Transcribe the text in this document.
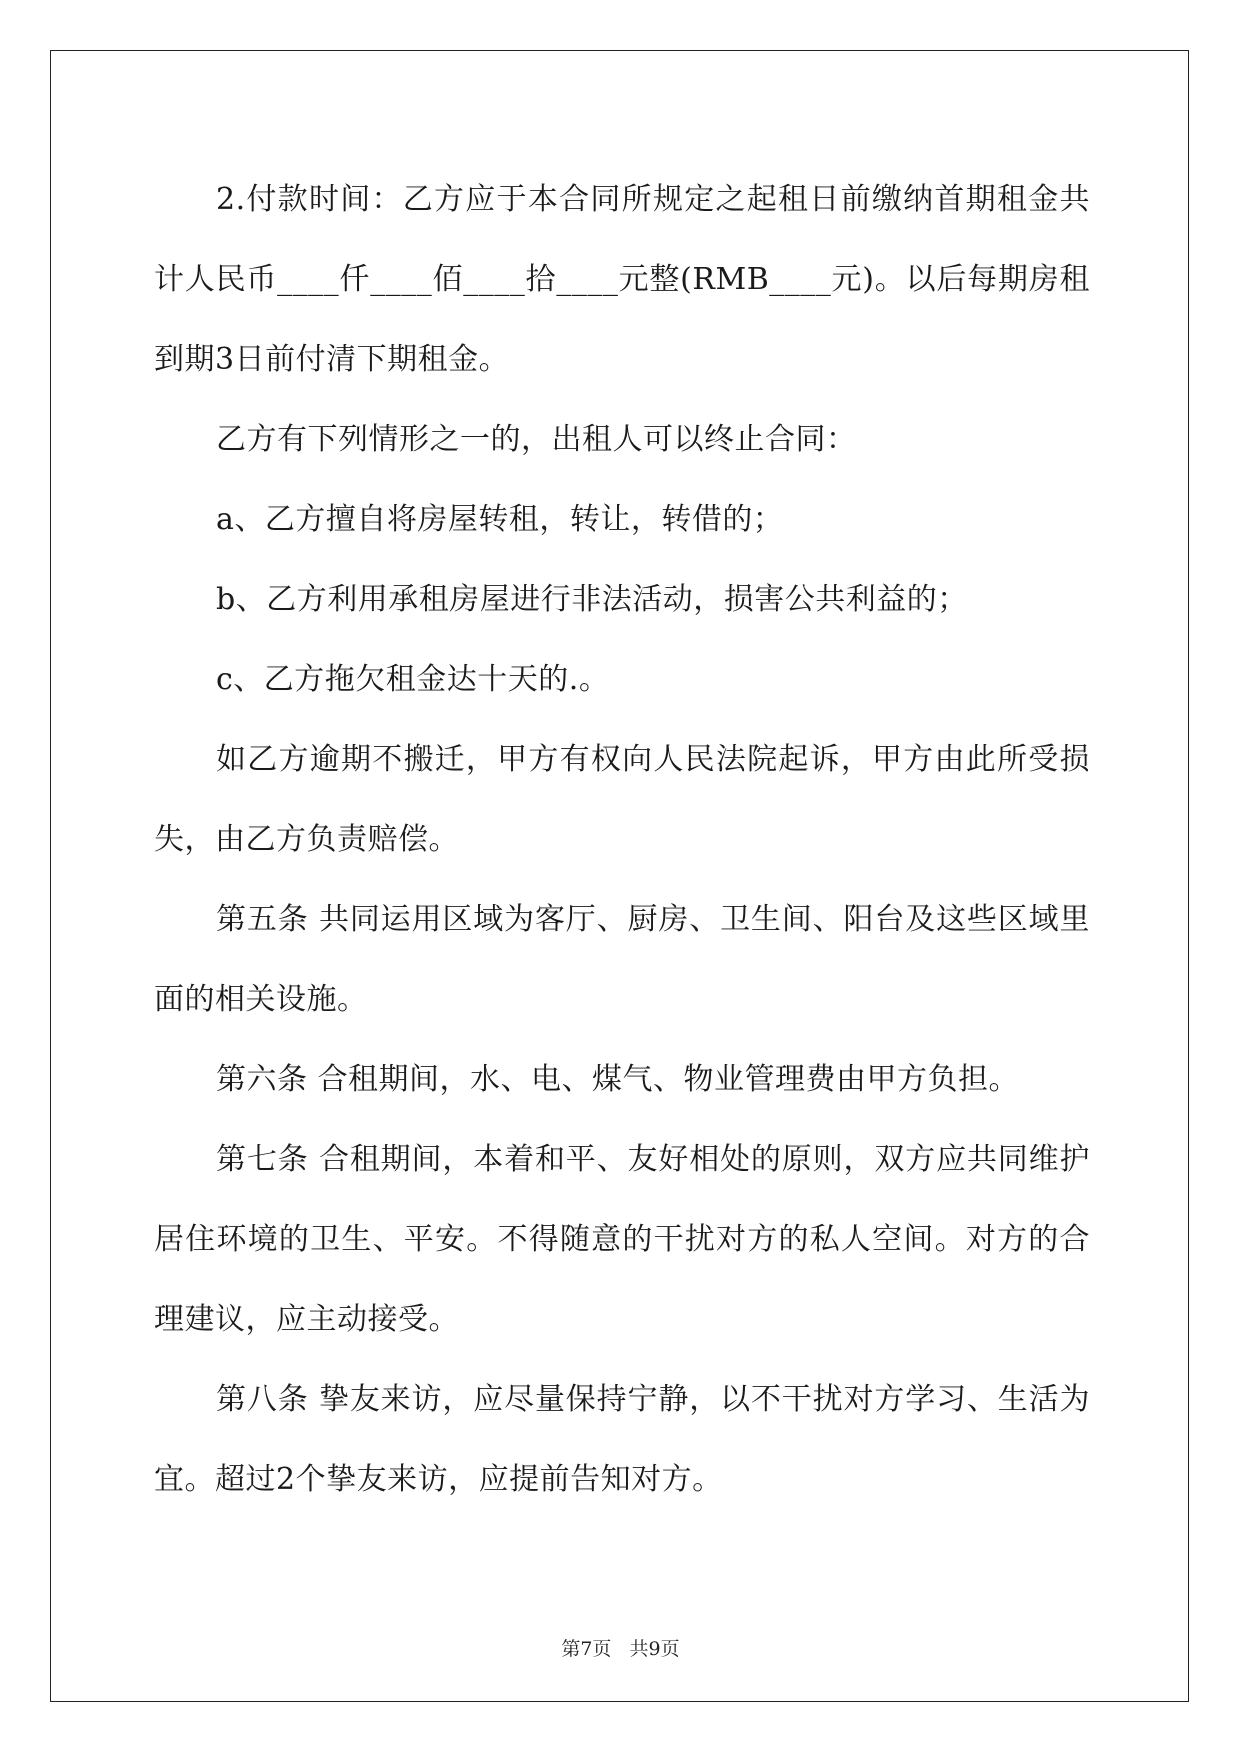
2.付款时间：乙方应于本合同所规定之起租日前缴纳首期租金共计人民币____仟____佰____拾____元整(RMB____元)。以后每期房租到期3日前付清下期租金。

乙方有下列情形之一的，出租人可以终止合同：

a、乙方擅自将房屋转租，转让，转借的；

b、乙方利用承租房屋进行非法活动，损害公共利益的；

c、乙方拖欠租金达十天的.。

如乙方逾期不搬迁，甲方有权向人民法院起诉，甲方由此所受损失，由乙方负责赔偿。

第五条 共同运用区域为客厅、厨房、卫生间、阳台及这些区域里面的相关设施。

第六条 合租期间，水、电、煤气、物业管理费由甲方负担。

第七条 合租期间，本着和平、友好相处的原则，双方应共同维护居住环境的卫生、平安。不得随意的干扰对方的私人空间。对方的合理建议，应主动接受。

第八条 挚友来访，应尽量保持宁静，以不干扰对方学习、生活为宜。超过2个挚友来访，应提前告知对方。

第7页   共9页
